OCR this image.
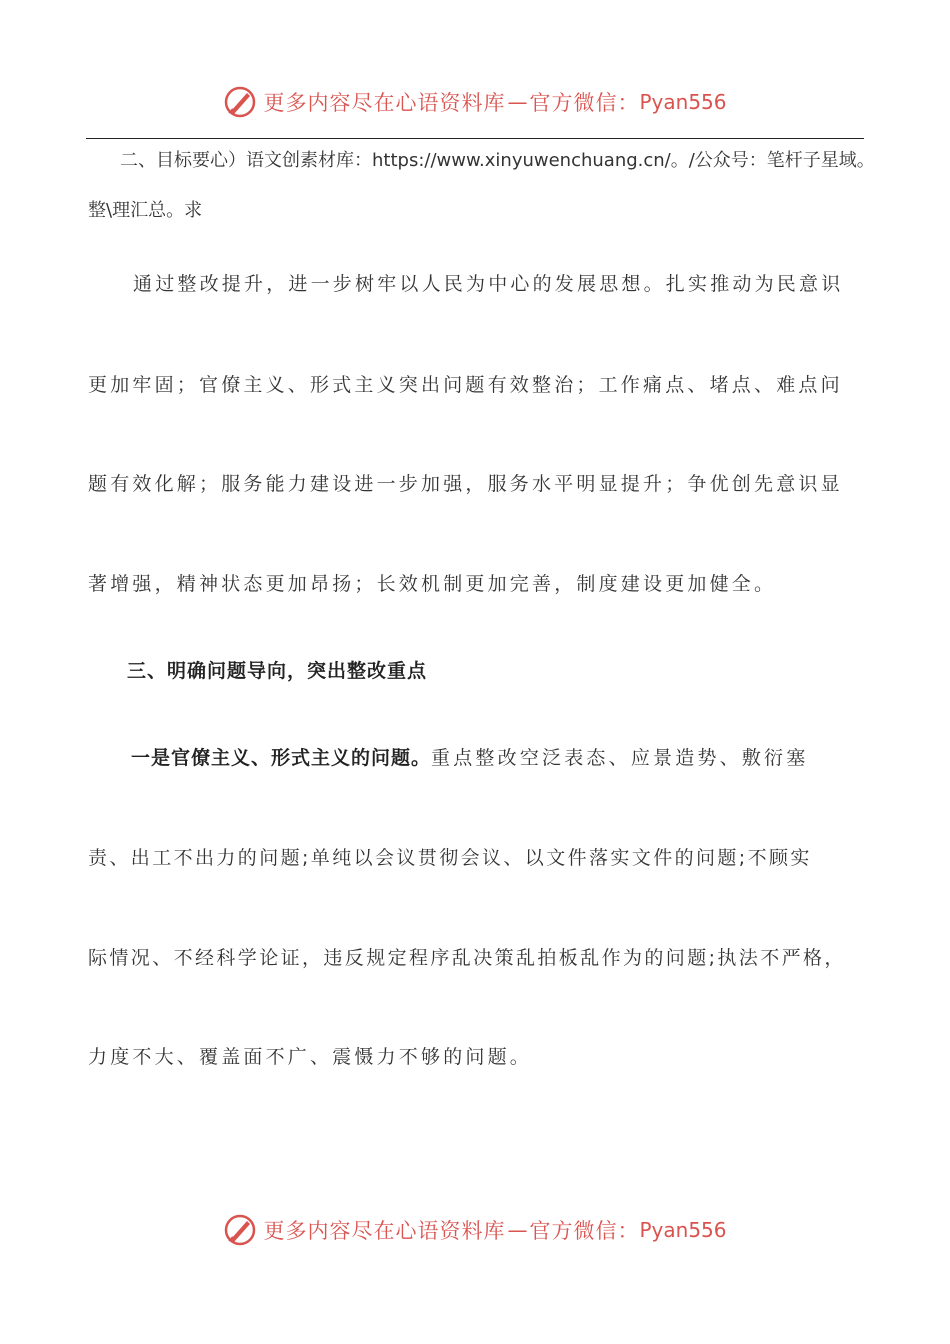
更多内容尽在心语资料库 — 官方微信： Pyan556
二、目标要心）语文创素材库：https://www.xinyuwenchuang.cn/。/公众号：笔杆子星域。
整\理汇总。求
通过整改提升，进一步树牢以人民为中心的发展思想。扎实推动为民意识
更加牢固；官僚主义、形式主义突出问题有效整治；工作痛点、堵点、难点问
题有效化解；服务能力建设进一步加强，服务水平明显提升；争优创先意识显
著增强，精神状态更加昂扬；长效机制更加完善，制度建设更加健全。
三、明确问题导向，突出整改重点
一是官僚主义、形式主义的问题。重点整改空泛表态、应景造势、敷衍塞
责、出工不出力的问题;单纯以会议贯彻会议、以文件落实文件的问题;不顾实
际情况、不经科学论证，违反规定程序乱决策乱拍板乱作为的问题;执法不严格，
力度不大、覆盖面不广、震慑力不够的问题。
更多内容尽在心语资料库 — 官方微信： Pyan556
